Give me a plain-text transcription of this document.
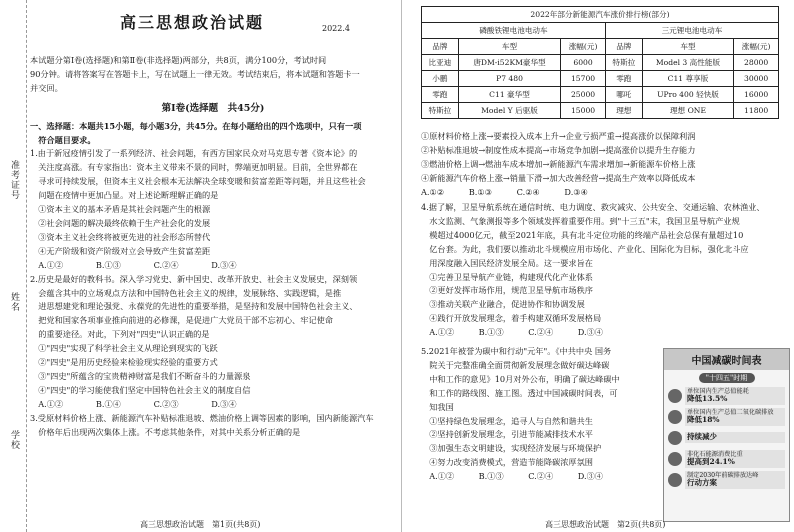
准考证号
姓名
学校
高三思想政治试题	2022.4

本试题分第Ⅰ卷(选择题)和第Ⅱ卷(非选择题)两部分，共8页，满分100分，考试时间

90分钟。请将答案写在答题卡上，写在试题上一律无效。考试结束后，将本试题和答题卡一

并交回。

第Ⅰ卷(选择题　共45分)

一、选择题：本题共15小题，每小题3分，共45分。在每小题给出的四个选项中，只有一项

　符合题目要求。

1.由于新冠疫情引发了一系列经济、社会问题，有西方国家民众对马克思专著《资本论》的

　关注度高涨。有专家指出：资本主义带来不景的同时，弊端更加明显。目前，全世界都在

　寻求可持续发展，但资本主义社会根本无法解决全球变暖和贫富差距等问题，并且这些社会

　问题在疫情中更加凸显。对上述论断理解正确的是

　①资本主义的基本矛盾是其社会问题产生的根源

　②社会问题的解决最终依赖于生产社会化的发展

　③资本主义社会终将被更先进的社会形态所替代

　④无产阶级和资产阶级对立会导致产生贫富差距

　A.①②　　　　B.①③　　　　C.②④　　　　D.③④

2.历史是最好的教科书。深入学习党史、新中国史、改革开放史、社会主义发展史，深刻领

　会蕴含其中的立场观点方法和中国特色社会主义的规律，发展脉络、实践逻辑，是推

　进思想建党和理论强党、永葆党的先进性的重要举措，是坚持和发展中国特色社会主义、

　把党和国家各项事业推向前进的必修课，是促进广大党员干部不忘初心、牢记使命

　的重要途径。对此，下列对"四史"认识正确的是

　①"四史"实现了科学社会主义从理论到现实的飞跃

　②"四史"是用历史经验来检验现实经验的重要方式

　③"四史"所蕴含的宝贵精神财富是我们不断奋斗的力量源泉

　④"四史"的学习能使我们坚定中国特色社会主义的制度自信

　A.①②　　　　B.①④　　　　C.②③　　　　D.③④

3.受原材料价格上涨、新能源汽车补贴标准退坡、燃油价格上调等因素的影响，国内新能源汽车

　价格年后出现两次集体上涨。不考虑其他条件，对其中关系分析正确的是

高三思想政治试题　第1页(共8页)
2022年部分新能源汽车涨价排行榜(部分)					
磷酸铁锂电池电动车			三元锂电池电动车		
品牌	车型	涨幅(元)	品牌	车型	涨幅(元)
比亚迪	唐DM-i52KM豪华型	6000	特斯拉	Model 3 高性能版	28000
小鹏	P7 480	15700	零跑	C11 尊享版	30000
零跑	C11 豪华型	25000	哪吒	UPro 400 轻快版	16000
特斯拉	Model Y 后驱版	15000	理想	理想 ONE	11800

①原材料价格上涨→要素投入成本上升→企业亏损严重→提高涨价以保障利润

②补贴标准退坡→制度性成本提高→市场竞争加剧→提高涨价以提升生存能力

③燃油价格上调→燃油车成本增加→新能源汽车需求增加→新能源车价格上涨

④新能源汽车价格上涨→销量下滑→加大改善经营→提高生产效率以降低成本

A.①②　　　B.①③　　　C.②④　　　D.③④

4.据了解，卫星导航系统在通信时统、电力调度、救灾减灾、公共安全、交通运输、农林渔业、

　水文监测、气象测报等多个领域发挥着重要作用。到"十三五"末，我国卫星导航产业规

　模超过4000亿元，截至2021年底，具有北斗定位功能的终端产品社会总保有量超过10

　亿台套。为此，我们要以推动北斗规模应用市场化、产业化、国际化为目标，强化北斗应

　用深度融入国民经济发展全局。这一要求旨在

　①完善卫星导航产业链，构建现代化产业体系

　②更好发挥市场作用，规范卫星导航市场秩序

　③推动关联产业融合，促进协作和协调发展

　④践行开放发展理念，着手构建双循环发展格局

　A.①②　　　B.①③　　　C.②④　　　D.③④

5.2021年被誉为碳中和行动"元年"。《中共中央 国务

　院关于完整准确全面贯彻新发展理念做好碳达峰碳

　中和工作的意见》10月对外公布，明确了碳达峰碳中

　和工作的路线图、施工图。透过中国减碳时间表，可

　知我国

　①坚持绿色发展理念，追寻人与自然和谐共生

　②坚持创新发展理念，引进节能减排技术水平

　③加强生态文明建设，实现经济发展与环境保护

　④努力改变消费模式，营造节能降碳浓厚氛围

　A.①②　　　B.①③　　　C.②④　　　D.③④

中国减碳时间表
"十四五"时期
单位国内生产总值能耗
降低13.5%
单位国内生产总值二氧化碳排放
降低18%
持续减少
非化石能源消费比重
提高到24.1%
制定2030年前碳排放达峰
行动方案
高三思想政治试题　第2页(共8页)
